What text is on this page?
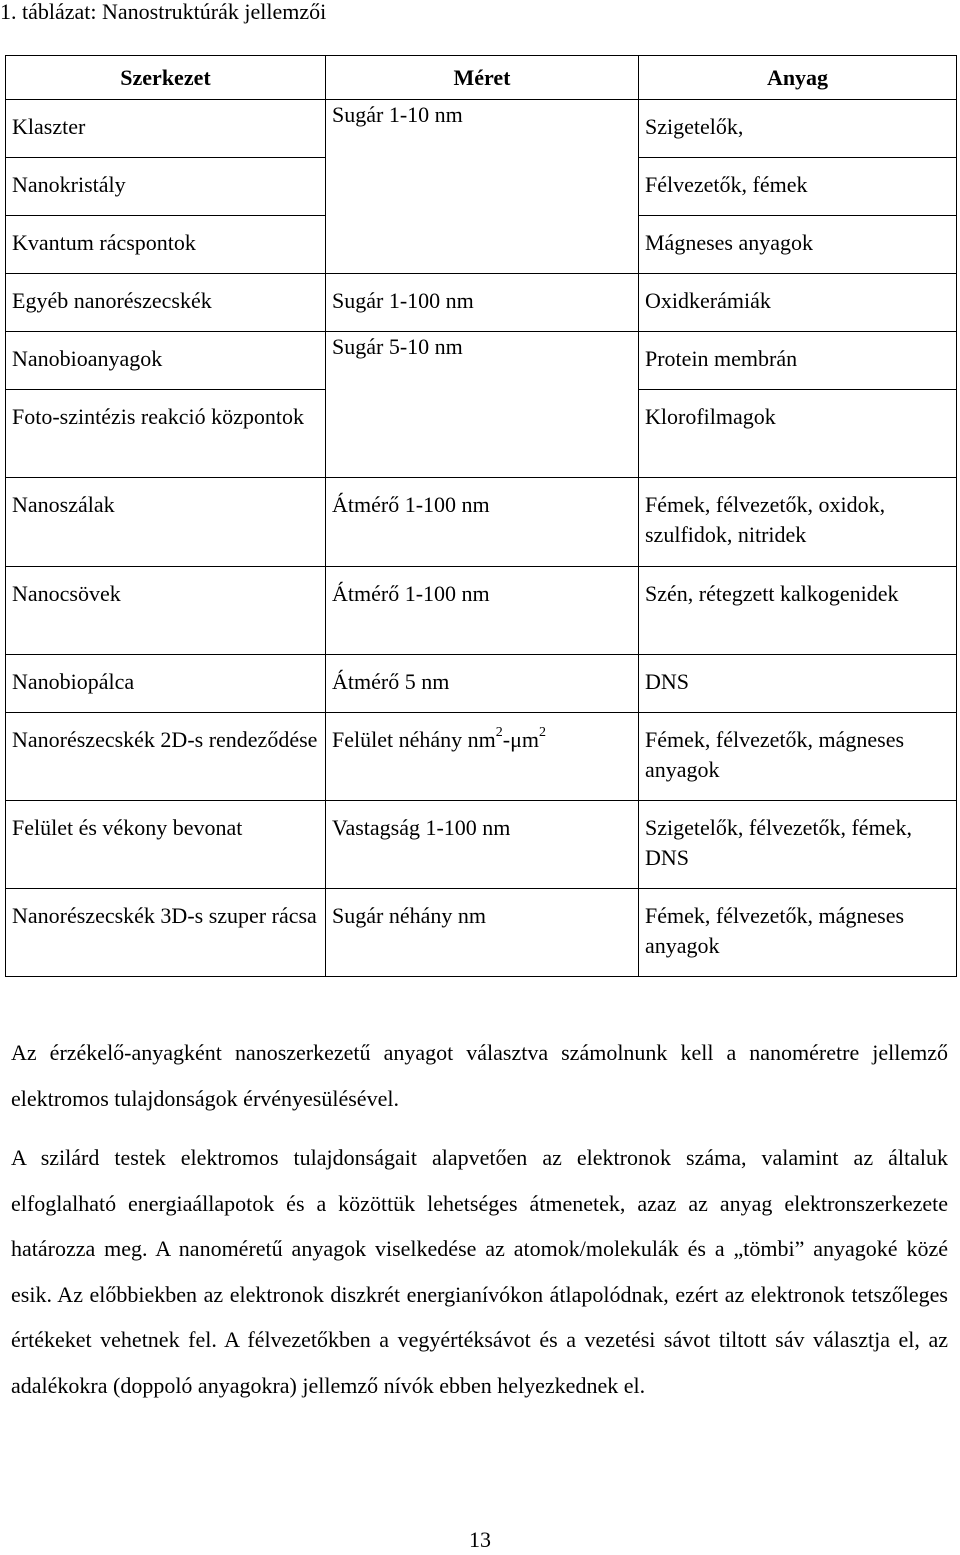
1. táblázat: Nanostruktúrák jellemzői
Szerkezet	Méret	Anyag

Klaszter	Sugár 1-10 nm	Szigetelők,

Nanokristály		Félvezetők, fémek

Kvantum rácspontok		Mágneses anyagok

Egyéb nanorészecskék	Sugár 1-100 nm	Oxidkerámiák

Nanobioanyagok	Sugár 5-10 nm	Protein membrán

Foto-szintézis reakció központok		Klorofilmagok

Nanoszálak	Átmérő 1-100 nm	Fémek, félvezetők, oxidok, szulfidok, nitridek

Nanocsövek	Átmérő 1-100 nm	Szén, rétegzett kalkogenidek

Nanobiopálca	Átmérő 5 nm	DNS

Nanorészecskék 2D-s rendeződése	Felület néhány $nm^2-\mu m^2$	Fémek, félvezetők, mágneses anyagok

Felület és vékony bevonat	Vastagság 1-100 nm	Szigetelők, félvezetők, fémek, DNS

Nanorészecskék 3D-s szuper rácsa	Sugár néhány nm	Fémek, félvezetők, mágneses anyagok
Az érzékelő-anyagként nanoszerkezetű anyagot választva számolnunk kell a nanoméretre jellemző elektromos tulajdonságok érvényesülésével.
A szilárd testek elektromos tulajdonságait alapvetően az elektronok száma, valamint az általuk elfoglalható energiaállapotok és a közöttük lehetséges átmenetek, azaz az anyag elektronszerkezete határozza meg. A nanoméretű anyagok viselkedése az atomok/molekulák és a „tömbi” anyagoké közé esik. Az előbbiekben az elektronok diszkrét energianívókon átlapolódnak, ezért az elektronok tetszőleges értékeket vehetnek fel. A félvezetőkben a vegyértéksávot és a vezetési sávot tiltott sáv választja el, az adalékokra (doppoló anyagokra) jellemző nívók ebben helyezkednek el.
13
